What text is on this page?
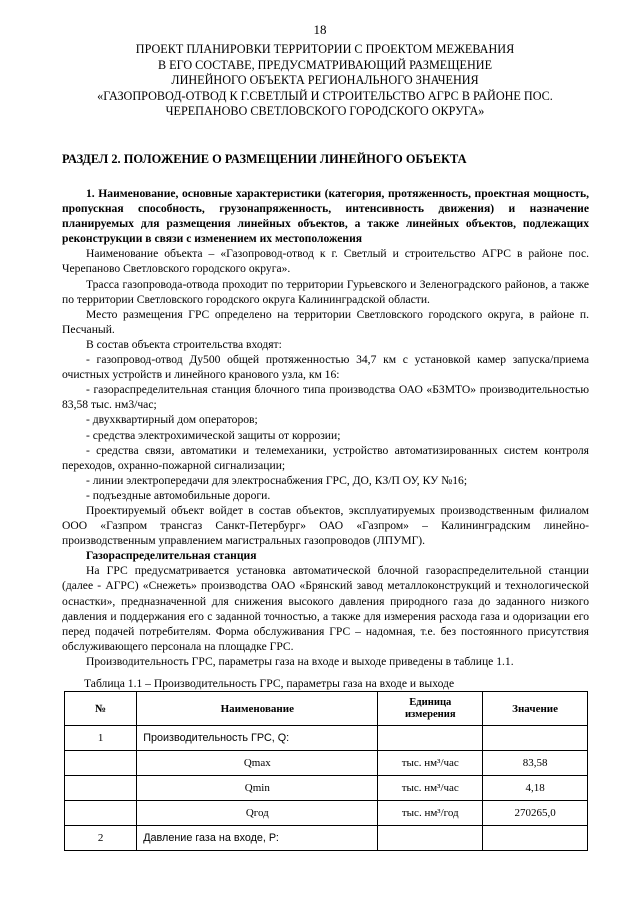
18
ПРОЕКТ ПЛАНИРОВКИ ТЕРРИТОРИИ С ПРОЕКТОМ МЕЖЕВАНИЯ
В ЕГО СОСТАВЕ, ПРЕДУСМАТРИВАЮЩИЙ РАЗМЕЩЕНИЕ
ЛИНЕЙНОГО ОБЪЕКТА РЕГИОНАЛЬНОГО ЗНАЧЕНИЯ
«ГАЗОПРОВОД-ОТВОД К Г.СВЕТЛЫЙ И СТРОИТЕЛЬСТВО АГРС В РАЙОНЕ ПОС.
ЧЕРЕПАНОВО СВЕТЛОВСКОГО ГОРОДСКОГО ОКРУГА»
РАЗДЕЛ 2. ПОЛОЖЕНИЕ О РАЗМЕЩЕНИИ ЛИНЕЙНОГО ОБЪЕКТА

1. Наименование, основные характеристики (категория, протяженность, проектная мощность, пропускная способность, грузонапряженность, интенсивность движения) и назначение планируемых для размещения линейных объектов, а также линейных объектов, подлежащих реконструкции в связи с изменением их местоположения

Наименование объекта – «Газопровод-отвод к г. Светлый и строительство АГРС в районе пос. Черепаново Светловского городского округа».

Трасса газопровода-отвода проходит по территории Гурьевского и Зеленоградского районов, а также по территории Светловского городского округа Калининградской области.

Место размещения ГРС определено на территории Светловского городского округа, в районе п. Песчаный.

В состав объекта строительства входят:

- газопровод-отвод Ду500 общей протяженностью 34,7 км с установкой камер запуска/приема очистных устройств и линейного кранового узла, км 16:

- газораспределительная станция блочного типа производства ОАО «БЗМТО» производительностью 83,58 тыс. нм3/час;

- двухквартирный дом операторов;

- средства электрохимической защиты от коррозии;

- средства связи, автоматики и телемеханики, устройство автоматизированных систем контроля переходов, охранно-пожарной сигнализации;

- линии электропередачи для электроснабжения ГРС, ДО, КЗ/П ОУ, КУ №16;

- подъездные автомобильные дороги.

Проектируемый объект войдет в состав объектов, эксплуатируемых производственным филиалом ООО «Газпром трансгаз Санкт-Петербург» ОАО «Газпром» – Калининградским линейно-производственным управлением магистральных газопроводов (ЛПУМГ).

Газораспределительная станция

На ГРС предусматривается установка автоматической блочной газораспределительной станции (далее - АГРС) «Снежеть» производства ОАО «Брянский завод металлоконструкций и технологической оснастки», предназначенной для снижения высокого давления природного газа до заданного низкого давления и поддержания его с заданной точностью, а также для измерения расхода газа и одоризации его перед подачей потребителям. Форма обслуживания ГРС – надомная, т.е. без постоянного присутствия обслуживающего персонала на площадке ГРС.

Производительность ГРС, параметры газа на входе и выходе приведены в таблице 1.1.

Таблица 1.1 – Производительность ГРС, параметры газа на входе и выходе
№	Наименование	Единица измерения	Значение
1	Производительность ГРС, Q:		
	Qmax	тыс. нм³/час	83,58
	Qmin	тыс. нм³/час	4,18
	Qгод	тыс. нм³/год	270265,0
2	Давление газа на входе, Р:		
